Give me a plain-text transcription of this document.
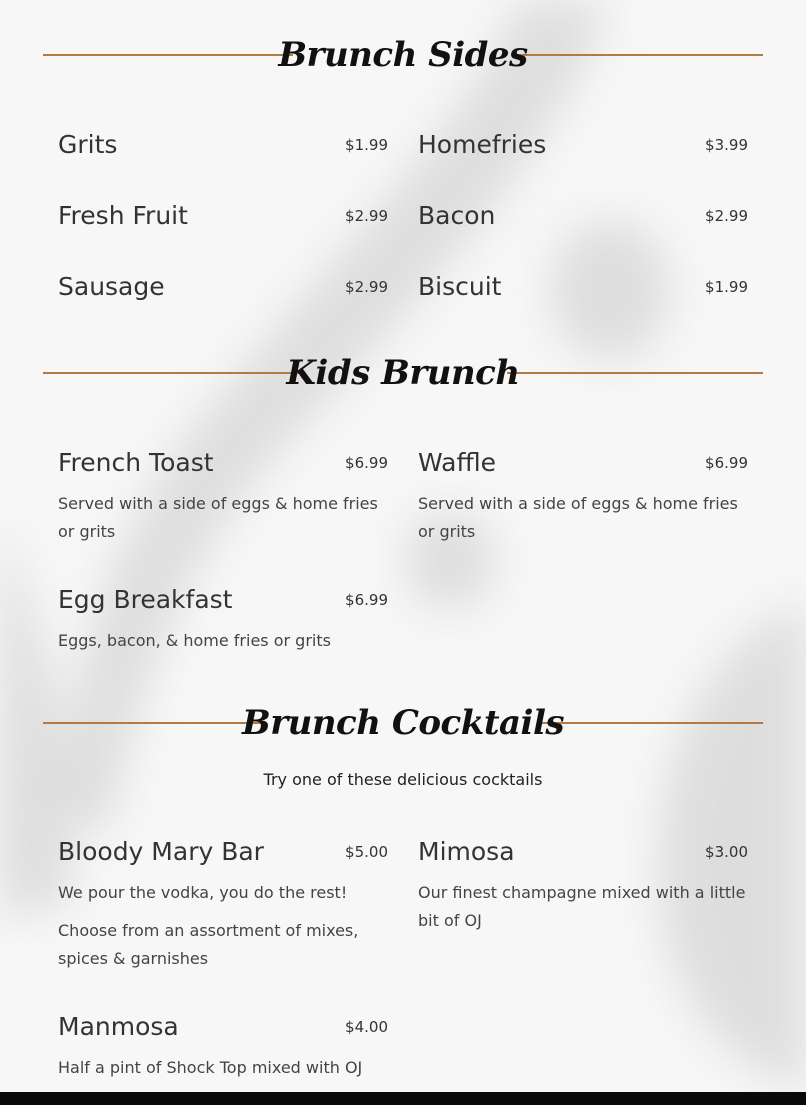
Brunch Sides
Grits	$1.99 Homefries	$3.99
Fresh Fruit	$2.99 Bacon	$2.99
Sausage	$2.99 Biscuit	$1.99
Kids Brunch
French Toast	$6.99
Served with a side of eggs & home fries or grits
Waffle	$6.99
Served with a side of eggs & home fries or grits
Egg Breakfast	$6.99
Eggs, bacon, & home fries or grits
Brunch Cocktails
Try one of these delicious cocktails
Bloody Mary Bar	$5.00
We pour the vodka, you do the rest!
Choose from an assortment of mixes, spices & garnishes
Mimosa	$3.00
Our finest champagne mixed with a little bit of OJ
Manmosa	$4.00
Half a pint of Shock Top mixed with OJ
